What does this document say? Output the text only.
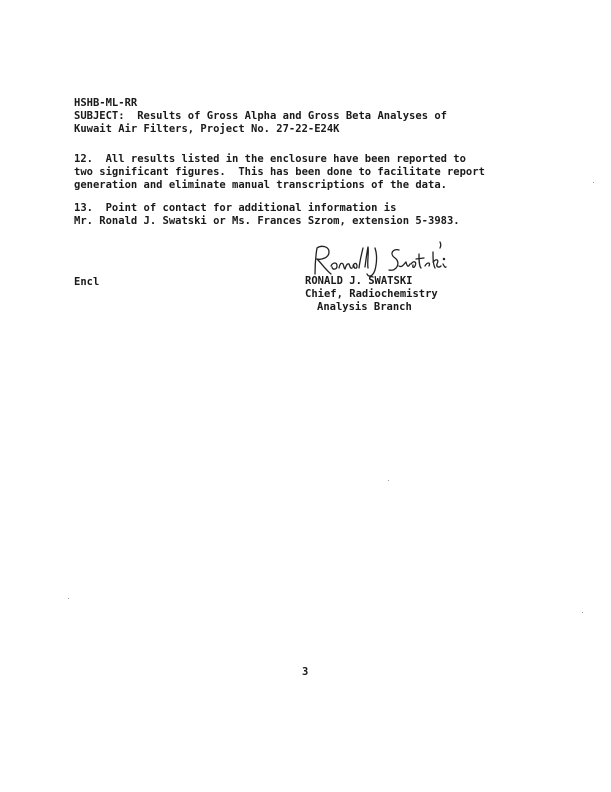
HSHB-ML-RR
SUBJECT:  Results of Gross Alpha and Gross Beta Analyses of
Kuwait Air Filters, Project No. 27-22-E24K
12.  All results listed in the enclosure have been reported to
two significant figures.  This has been done to facilitate report
generation and eliminate manual transcriptions of the data.
13.  Point of contact for additional information is
Mr. Ronald J. Swatski or Ms. Frances Szrom, extension 5-3983.
Encl	RONALD J. SWATSKI
Chief, Radiochemistry
Analysis Branch
3
